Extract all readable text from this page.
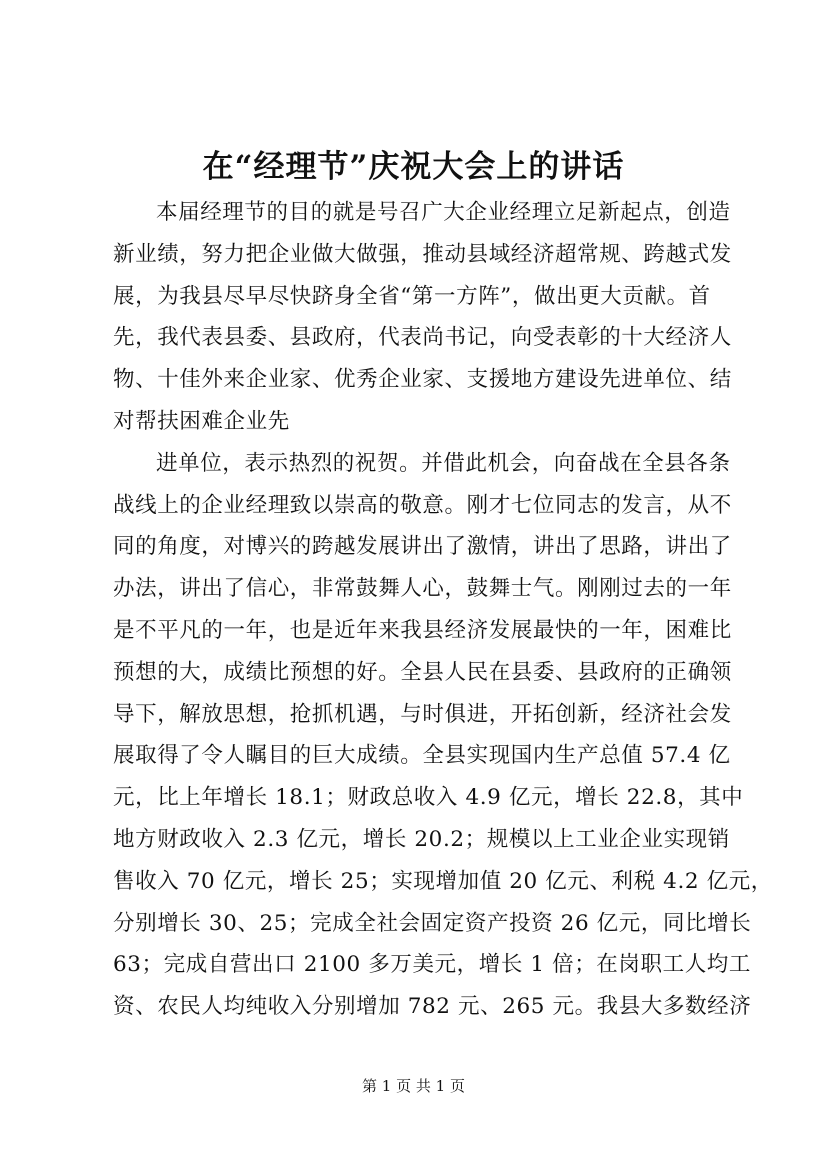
在“经理节”庆祝大会上的讲话
本届经理节的目的就是号召广大企业经理立足新起点，创造
新业绩，努力把企业做大做强，推动县域经济超常规、跨越式发
展，为我县尽早尽快跻身全省“第一方阵”，做出更大贡献。首
先，我代表县委、县政府，代表尚书记，向受表彰的十大经济人
物、十佳外来企业家、优秀企业家、支援地方建设先进单位、结
对帮扶困难企业先
进单位，表示热烈的祝贺。并借此机会，向奋战在全县各条
战线上的企业经理致以崇高的敬意。刚才七位同志的发言，从不
同的角度，对博兴的跨越发展讲出了激情，讲出了思路，讲出了
办法，讲出了信心，非常鼓舞人心，鼓舞士气。刚刚过去的一年
是不平凡的一年，也是近年来我县经济发展最快的一年，困难比
预想的大，成绩比预想的好。全县人民在县委、县政府的正确领
导下，解放思想，抢抓机遇，与时俱进，开拓创新，经济社会发
展取得了令人瞩目的巨大成绩。全县实现国内生产总值 57.4 亿
元，比上年增长 18.1；财政总收入 4.9 亿元，增长 22.8，其中
地方财政收入 2.3 亿元，增长 20.2；规模以上工业企业实现销
售收入 70 亿元，增长 25；实现增加值 20 亿元、利税 4.2 亿元，
分别增长 30、25；完成全社会固定资产投资 26 亿元，同比增长
63；完成自营出口 2100 多万美元，增长 1 倍；在岗职工人均工
资、农民人均纯收入分别增加 782 元、265 元。我县大多数经济
第 1 页 共 1 页
